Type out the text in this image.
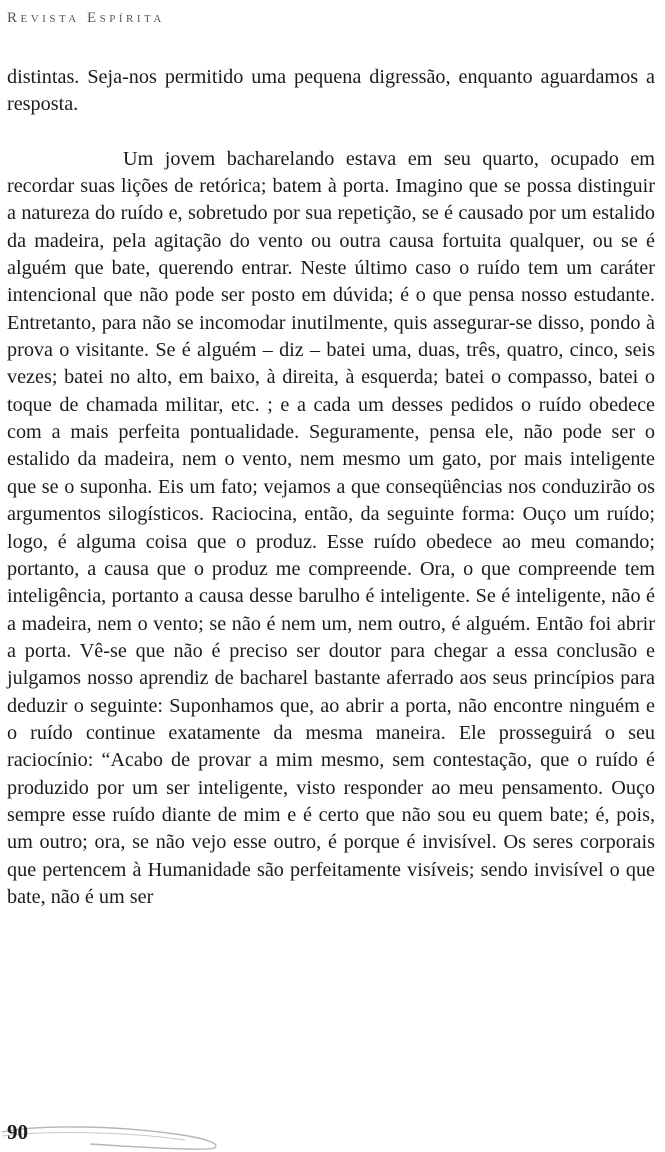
Revista Espírita

distintas. Seja-nos permitido uma pequena digressão, enquanto aguardamos a resposta.

Um jovem bacharelando estava em seu quarto, ocupado em recordar suas lições de retórica; batem à porta. Imagino que se possa distinguir a natureza do ruído e, sobretudo por sua repetição, se é causado por um estalido da madeira, pela agitação do vento ou outra causa fortuita qualquer, ou se é alguém que bate, querendo entrar. Neste último caso o ruído tem um caráter intencional que não pode ser posto em dúvida; é o que pensa nosso estudante. Entretanto, para não se incomodar inutilmente, quis assegurar-se disso, pondo à prova o visitante. Se é alguém – diz – batei uma, duas, três, quatro, cinco, seis vezes; batei no alto, em baixo, à direita, à esquerda; batei o compasso, batei o toque de chamada militar, etc. ; e a cada um desses pedidos o ruído obedece com a mais perfeita pontualidade. Seguramente, pensa ele, não pode ser o estalido da madeira, nem o vento, nem mesmo um gato, por mais inteligente que se o suponha. Eis um fato; vejamos a que conseqüências nos conduzirão os argumentos silogísticos. Raciocina, então, da seguinte forma: Ouço um ruído; logo, é alguma coisa que o produz. Esse ruído obedece ao meu comando; portanto, a causa que o produz me compreende. Ora, o que compreende tem inteligência, portanto a causa desse barulho é inteligente. Se é inteligente, não é a madeira, nem o vento; se não é nem um, nem outro, é alguém. Então foi abrir a porta. Vê-se que não é preciso ser doutor para chegar a essa conclusão e julgamos nosso aprendiz de bacharel bastante aferrado aos seus princípios para deduzir o seguinte: Suponhamos que, ao abrir a porta, não encontre ninguém e o ruído continue exatamente da mesma maneira. Ele prosseguirá o seu raciocínio: “Acabo de provar a mim mesmo, sem contestação, que o ruído é produzido por um ser inteligente, visto responder ao meu pensamento. Ouço sempre esse ruído diante de mim e é certo que não sou eu quem bate; é, pois, um outro; ora, se não vejo esse outro, é porque é invisível. Os seres corporais que pertencem à Humanidade são perfeitamente visíveis; sendo invisível o que bate, não é um ser

90
